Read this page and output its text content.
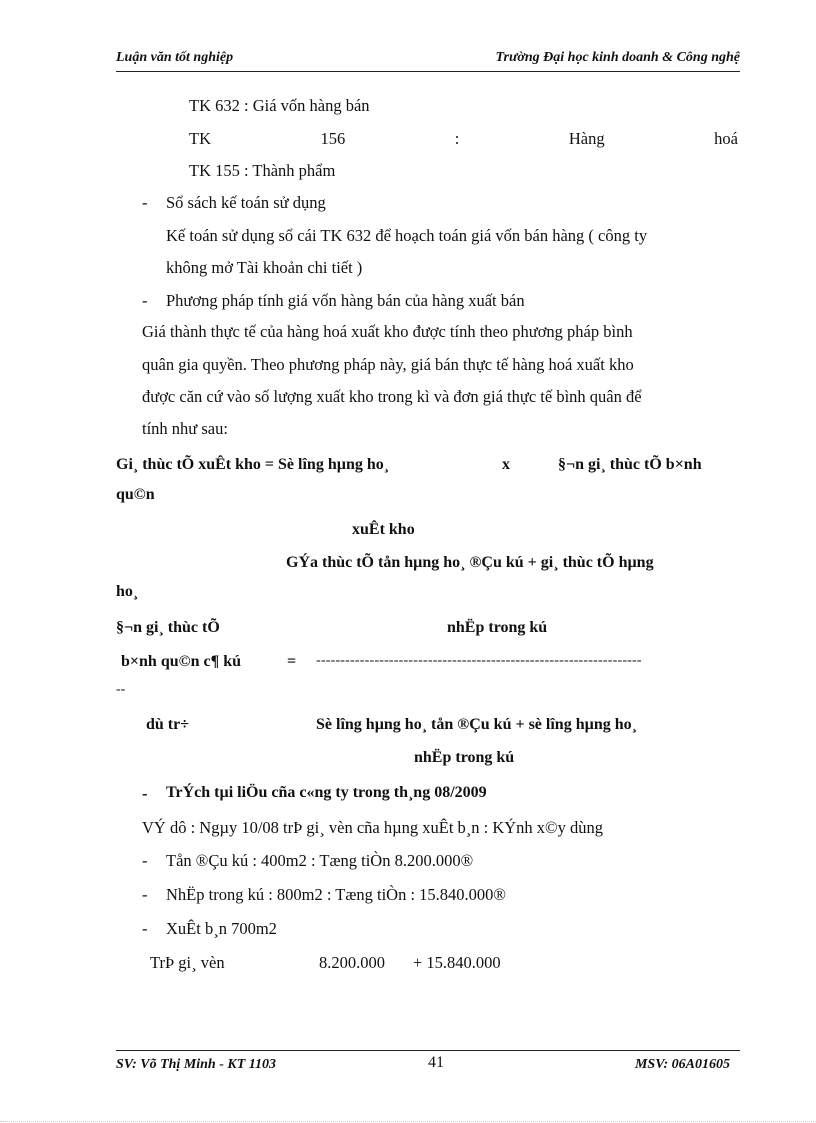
Luận văn tốt nghiệp	Trường Đại học kinh doanh & Công nghệ
TK 632 : Giá vốn hàng bán
TK	156	:	Hàng	hoá
TK 155 : Thành phẩm
- Sổ sách kế toán sử dụng
Kế toán sử dụng sổ cái TK 632 để hoạch toán giá vốn bán hàng ( công ty
không mở Tài khoản chi tiết )
- Phương pháp tính giá vốn hàng bán của hàng xuất bán
Giá thành thực tế của hàng hoá xuất kho được tính theo phương pháp bình
quân gia quyền. Theo phương pháp này, giá bán thực tế hàng hoá xuất kho
được căn cứ vào số lượng xuất kho trong kì và đơn giá thực tế bình quân để
tính như sau:
Gi¸ thùc tÕ xuÊt kho = Sè lîng hµng ho¸	x	§¬n gi¸ thùc tÕ b×nh
qu©n
xuÊt kho
GÝa thùc tÕ tån hµng ho¸ ®Çu kú + gi¸ thùc tÕ hµng
ho¸
§¬n gi¸ thùc tÕ	nhËp trong kú
b×nh qu©n c¶ kú	= -------------------------------------------------------------------
--
dù tr÷	Sè lîng hµng ho¸ tån ®Çu kú + sè lîng hµng ho¸
nhËp trong kú
- TrÝch tµi liÖu cña c«ng ty trong th¸ng 08/2009
VÝ dô : Ngµy 10/08 trÞ gi¸ vèn cña hµng xuÊt b¸n : KÝnh x©y dùng
- Tån ®Çu kú : 400m2 : Tæng tiÒn 8.200.000®
- NhËp trong kú : 800m2 : Tæng tiÒn : 15.840.000®
- XuÊt b¸n 700m2
TrÞ gi¸ vèn	8.200.000 + 15.840.000
SV: Võ Thị Minh - KT 1103	41	MSV: 06A01605
